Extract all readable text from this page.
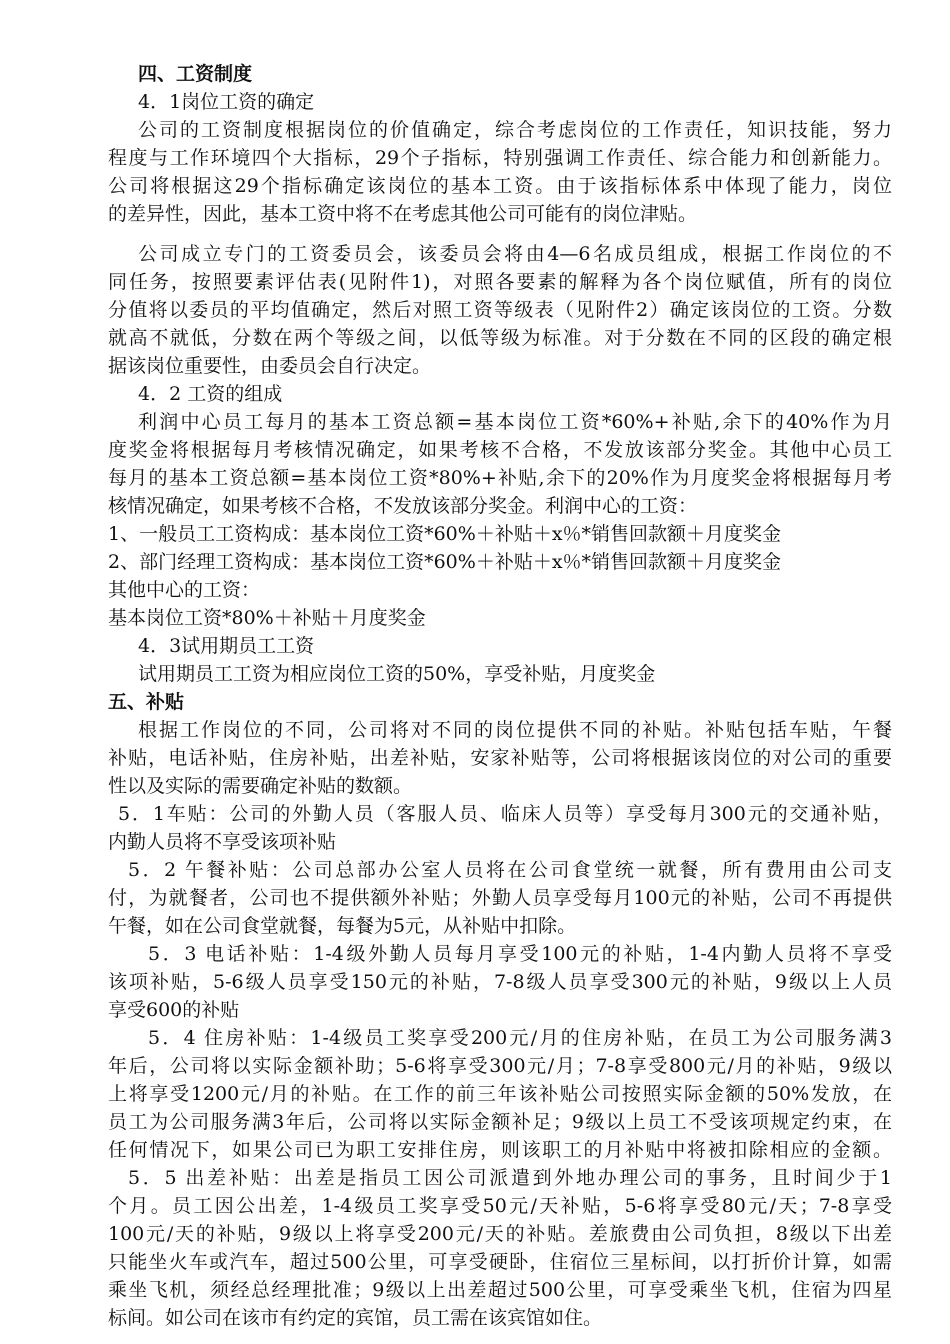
四、工资制度
4．1岗位工资的确定
公司的工资制度根据岗位的价值确定，综合考虑岗位的工作责任，知识技能，努力
程度与工作环境四个大指标，29个子指标，特别强调工作责任、综合能力和创新能力。
公司将根据这29个指标确定该岗位的基本工资。由于该指标体系中体现了能力，岗位
的差异性，因此，基本工资中将不在考虑其他公司可能有的岗位津贴。
公司成立专门的工资委员会，该委员会将由4—6名成员组成，根据工作岗位的不
同任务，按照要素评估表(见附件1)，对照各要素的解释为各个岗位赋值，所有的岗位
分值将以委员的平均值确定，然后对照工资等级表（见附件2）确定该岗位的工资。分数
就高不就低，分数在两个等级之间，以低等级为标准。对于分数在不同的区段的确定根
据该岗位重要性，由委员会自行决定。
4．2 工资的组成
利润中心员工每月的基本工资总额=基本岗位工资*60%+补贴,余下的40%作为月
度奖金将根据每月考核情况确定，如果考核不合格，不发放该部分奖金。其他中心员工
每月的基本工资总额=基本岗位工资*80%+补贴,余下的20%作为月度奖金将根据每月考
核情况确定，如果考核不合格，不发放该部分奖金。利润中心的工资：
1、一般员工工资构成：基本岗位工资*60%＋补贴＋x％*销售回款额＋月度奖金
2、部门经理工资构成：基本岗位工资*60%＋补贴＋x％*销售回款额＋月度奖金
其他中心的工资：
基本岗位工资*80%＋补贴＋月度奖金
4．3试用期员工工资
试用期员工工资为相应岗位工资的50%，享受补贴，月度奖金
五、补贴
根据工作岗位的不同，公司将对不同的岗位提供不同的补贴。补贴包括车贴，午餐
补贴，电话补贴，住房补贴，出差补贴，安家补贴等，公司将根据该岗位的对公司的重要
性以及实际的需要确定补贴的数额。
5．1车贴：公司的外勤人员（客服人员、临床人员等）享受每月300元的交通补贴，
内勤人员将不享受该项补贴
5．2 午餐补贴：公司总部办公室人员将在公司食堂统一就餐，所有费用由公司支
付，为就餐者，公司也不提供额外补贴；外勤人员享受每月100元的补贴，公司不再提供
午餐，如在公司食堂就餐，每餐为5元，从补贴中扣除。
5．3 电话补贴：1-4级外勤人员每月享受100元的补贴，1-4内勤人员将不享受
该项补贴，5-6级人员享受150元的补贴，7-8级人员享受300元的补贴，9级以上人员
享受600的补贴
5．4 住房补贴：1-4级员工奖享受200元/月的住房补贴，在员工为公司服务满3
年后，公司将以实际金额补助；5-6将享受300元/月；7-8享受800元/月的补贴，9级以
上将享受1200元/月的补贴。在工作的前三年该补贴公司按照实际金额的50%发放，在
员工为公司服务满3年后，公司将以实际金额补足；9级以上员工不受该项规定约束，在
任何情况下，如果公司已为职工安排住房，则该职工的月补贴中将被扣除相应的金额。
5．5 出差补贴：出差是指员工因公司派遣到外地办理公司的事务，且时间少于1
个月。员工因公出差，1-4级员工奖享受50元/天补贴，5-6将享受80元/天；7-8享受
100元/天的补贴，9级以上将享受200元/天的补贴。差旅费由公司负担，8级以下出差
只能坐火车或汽车，超过500公里，可享受硬卧，住宿位三星标间，以打折价计算，如需
乘坐飞机，须经总经理批准；9级以上出差超过500公里，可享受乘坐飞机，住宿为四星
标间。如公司在该市有约定的宾馆，员工需在该宾馆如住。
